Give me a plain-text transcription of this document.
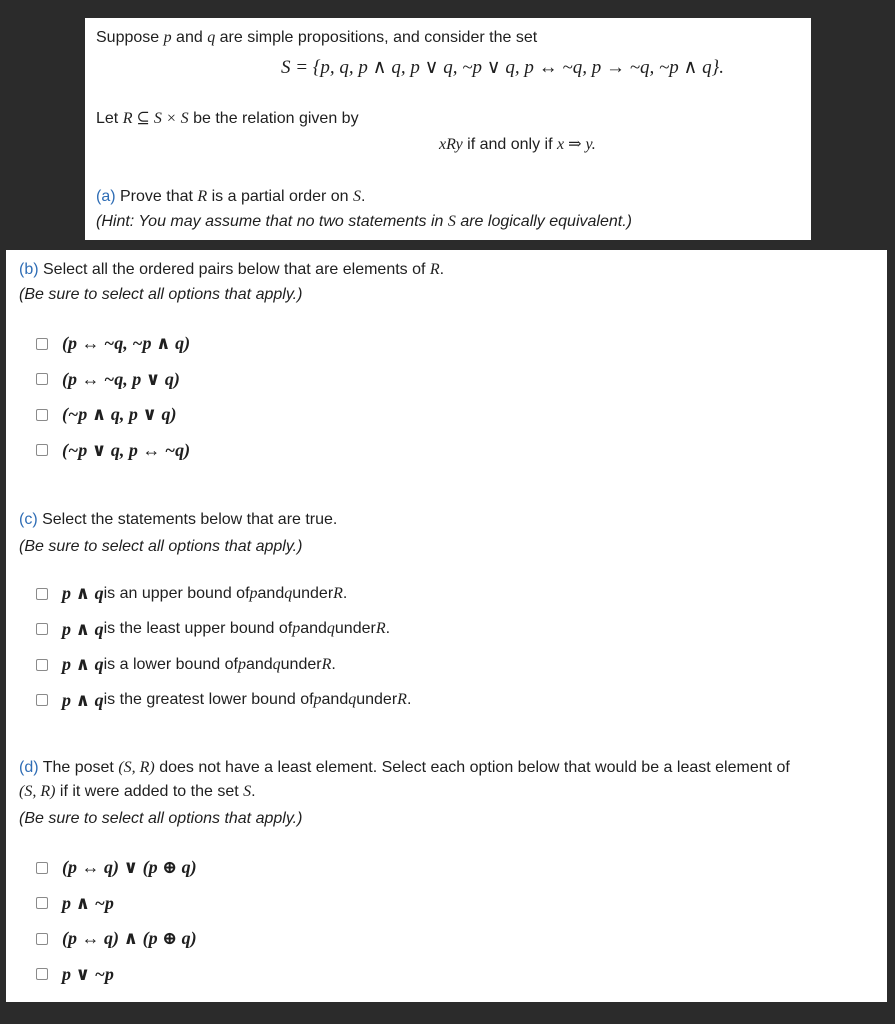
Suppose p and q are simple propositions, and consider the set
S = {p, q, p ∧ q, p ∨ q, ~p ∨ q, p ↔ ~q, p → ~q, ~p ∧ q}.
Let R ⊆ S × S be the relation given by
xRy if and only if x ⇒ y.
(a) Prove that R is a partial order on S.
(Hint: You may assume that no two statements in S are logically equivalent.)
(b) Select all the ordered pairs below that are elements of R.
(Be sure to select all options that apply.)
(p ↔ ~q, ~p ∧ q)
(p ↔ ~q, p ∨ q)
(~p ∧ q, p ∨ q)
(~p ∨ q, p ↔ ~q)
(c) Select the statements below that are true.
(Be sure to select all options that apply.)
p ∧ q is an upper bound of p and q under R .
p ∧ q is the least upper bound of p and q under R .
p ∧ q is a lower bound of p and q under R .
p ∧ q is the greatest lower bound of p and q under R .
(d) The poset (S, R) does not have a least element. Select each option below that would be a least element of
(S, R) if it were added to the set S.
(Be sure to select all options that apply.)
(p ↔ q) ∨ (p ⊕ q)
p ∧ ~p
(p ↔ q) ∧ (p ⊕ q)
p ∨ ~p
